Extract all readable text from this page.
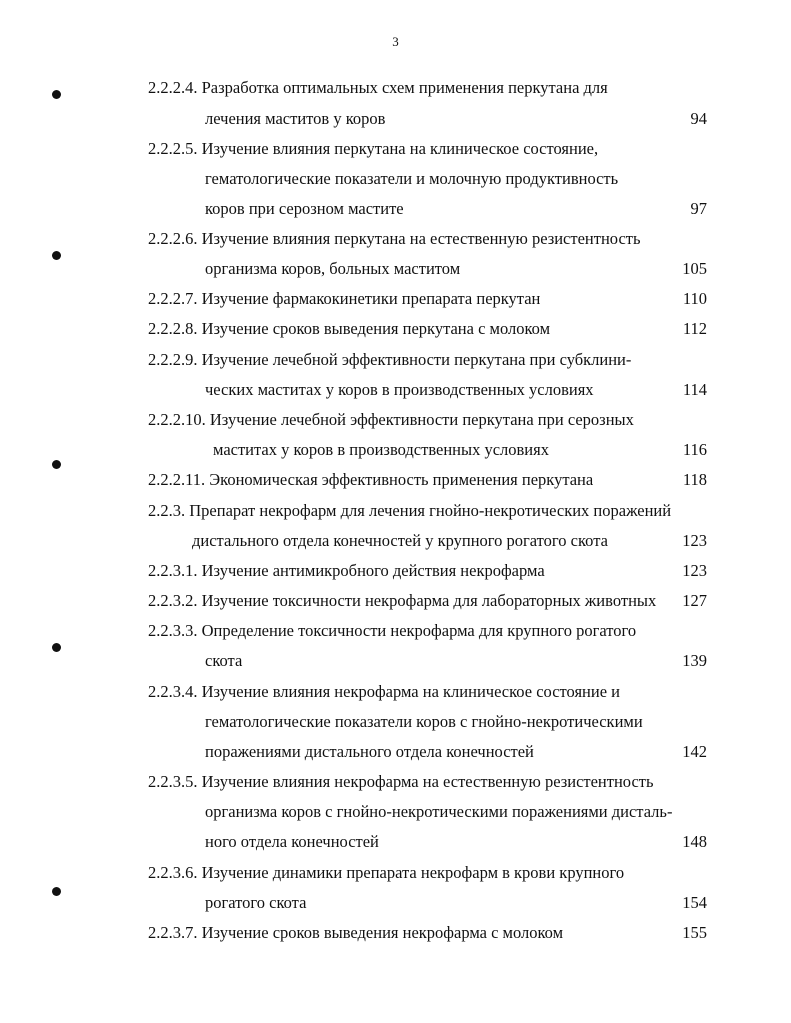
3
2.2.2.4. Разработка оптимальных схем применения перкутана для
лечения маститов у коров	94
2.2.2.5. Изучение влияния перкутана на клиническое состояние,
гематологические показатели и молочную продуктивность
коров при серозном мастите	97
2.2.2.6. Изучение влияния перкутана на естественную резистентность
организма коров, больных маститом	105
2.2.2.7. Изучение фармакокинетики препарата перкутан	110
2.2.2.8. Изучение сроков выведения перкутана с молоком	112
2.2.2.9. Изучение лечебной эффективности перкутана при субклини-
ческих маститах у коров в производственных условиях	114
2.2.2.10. Изучение лечебной эффективности перкутана при серозных
маститах у коров в производственных условиях	116
2.2.2.11. Экономическая эффективность применения перкутана	118
2.2.3. Препарат некрофарм для лечения гнойно-некротических поражений
дистального отдела конечностей у крупного рогатого скота	123
2.2.3.1. Изучение антимикробного действия некрофарма	123
2.2.3.2. Изучение токсичности некрофарма для лабораторных животных 127
2.2.3.3. Определение токсичности некрофарма для крупного рогатого
скота	139
2.2.3.4. Изучение влияния некрофарма на клиническое состояние и
гематологические показатели коров с гнойно-некротическими
поражениями дистального отдела конечностей	142
2.2.3.5. Изучение влияния некрофарма на естественную резистентность
организма коров с гнойно-некротическими поражениями дисталь-
ного отдела конечностей	148
2.2.3.6. Изучение динамики препарата некрофарм в крови крупного
рогатого скота	154
2.2.3.7. Изучение сроков выведения некрофарма с молоком	155
